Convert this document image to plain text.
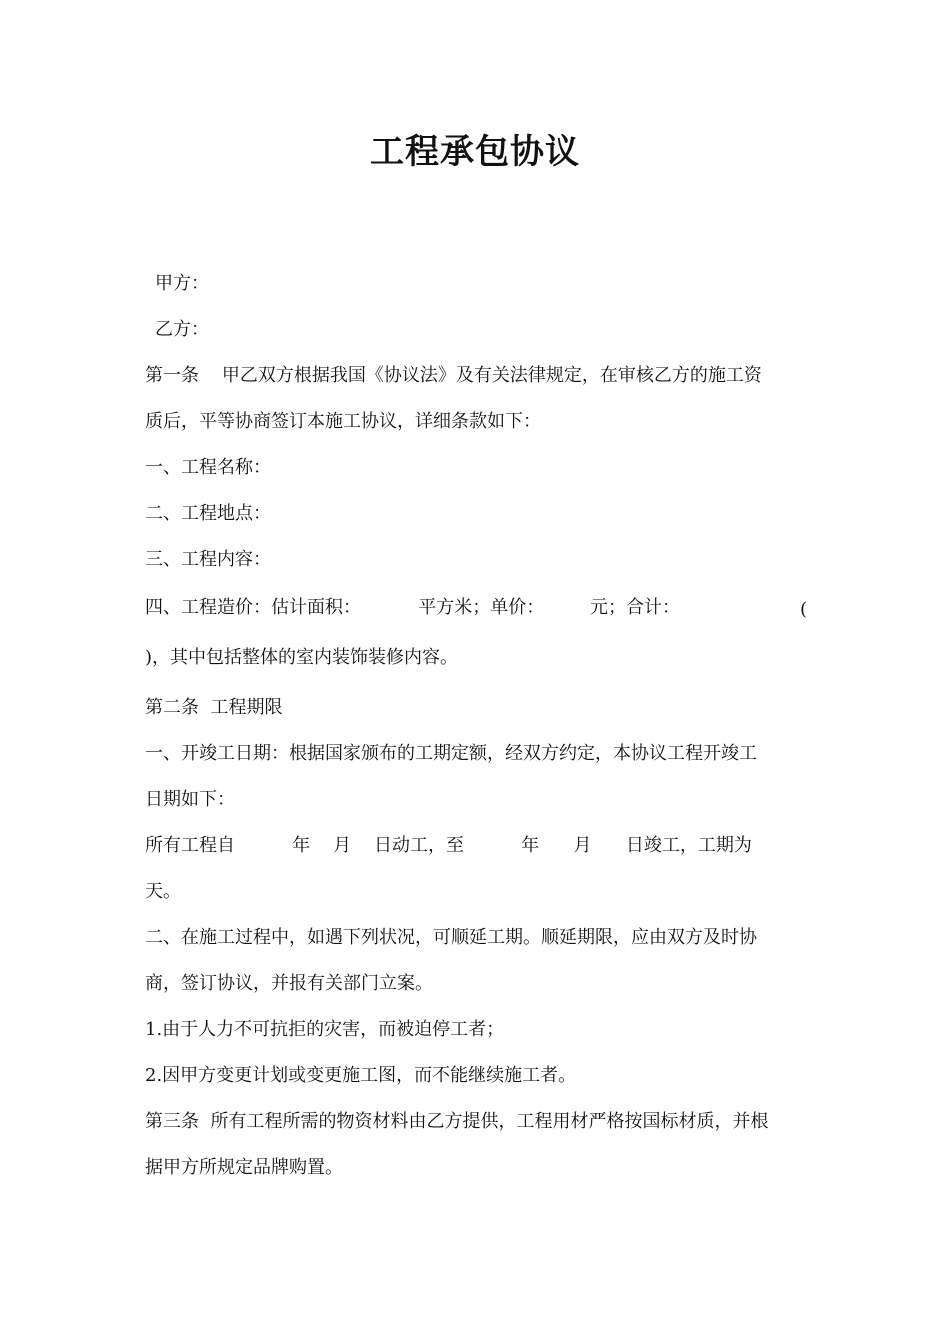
工程承包协议

甲方：

乙方：

第一条    甲乙双方根据我国《协议法》及有关法律规定，在审核乙方的施工资

质后，平等协商签订本施工协议，详细条款如下：

一、工程名称：

二、工程地点：

三、工程内容：

四、工程造价：估计面积：          平方米；单价：        元；合计：	(

)，其中包括整体的室内装饰装修内容。

第二条  工程期限

一、开竣工日期：根据国家颁布的工期定额，经双方约定，本协议工程开竣工

日期如下：

所有工程自          年    月    日动工，至          年      月      日竣工，工期为

天。

二、在施工过程中，如遇下列状况，可顺延工期。顺延期限，应由双方及时协

商，签订协议，并报有关部门立案。

1.由于人力不可抗拒的灾害，而被迫停工者；

2.因甲方变更计划或变更施工图，而不能继续施工者。

第三条  所有工程所需的物资材料由乙方提供，工程用材严格按国标材质，并根

据甲方所规定品牌购置。
